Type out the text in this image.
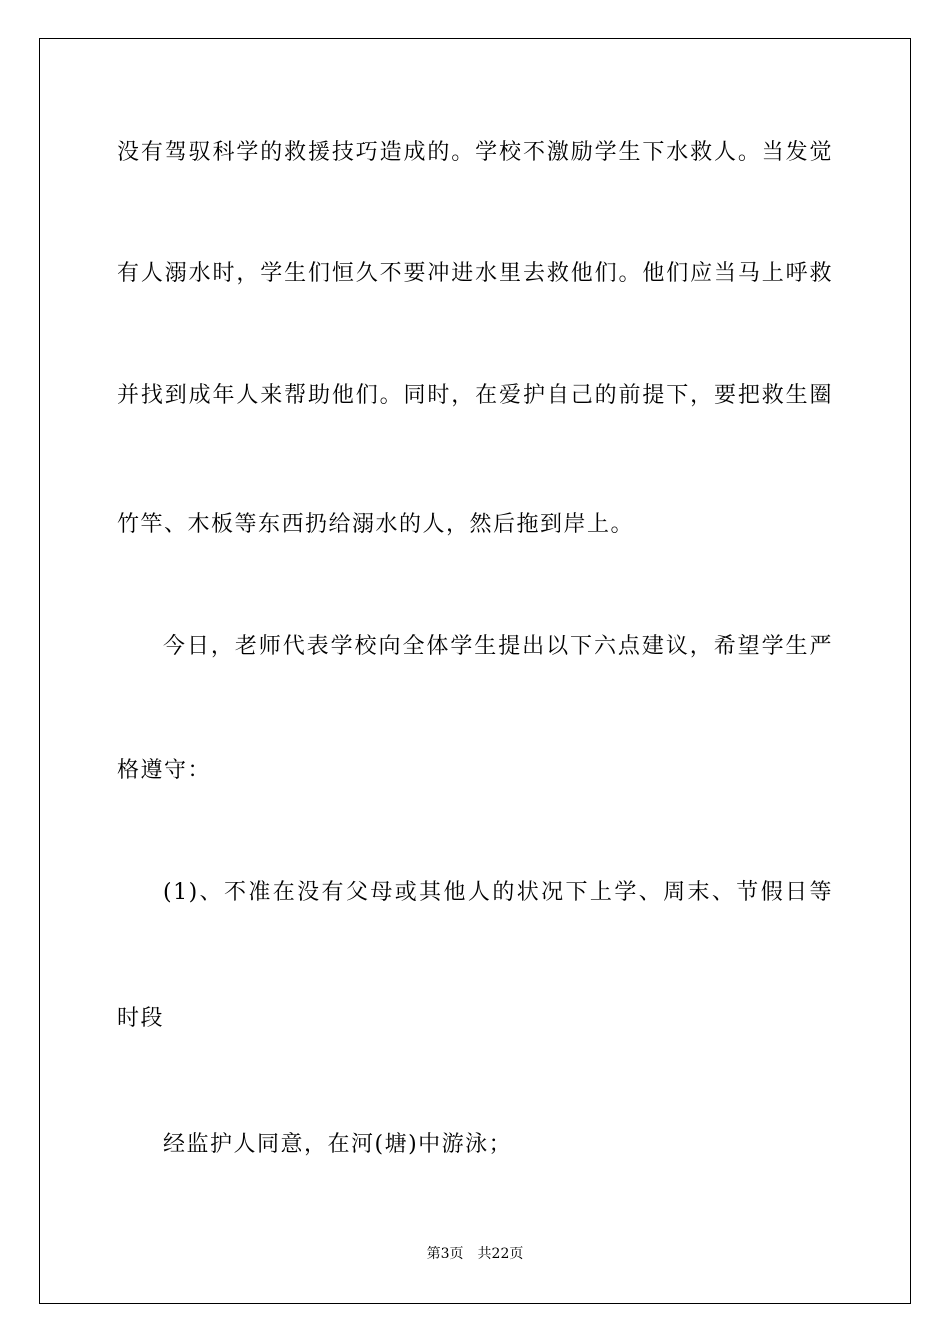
没有驾驭科学的救援技巧造成的。学校不激励学生下水救人。当发觉
有人溺水时，学生们恒久不要冲进水里去救他们。他们应当马上呼救
并找到成年人来帮助他们。同时，在爱护自己的前提下，要把救生圈
竹竿、木板等东西扔给溺水的人，然后拖到岸上。
今日，老师代表学校向全体学生提出以下六点建议，希望学生严
格遵守：
(1)、不准在没有父母或其他人的状况下上学、周末、节假日等
时段
经监护人同意，在河(塘)中游泳；
第3页 共22页
